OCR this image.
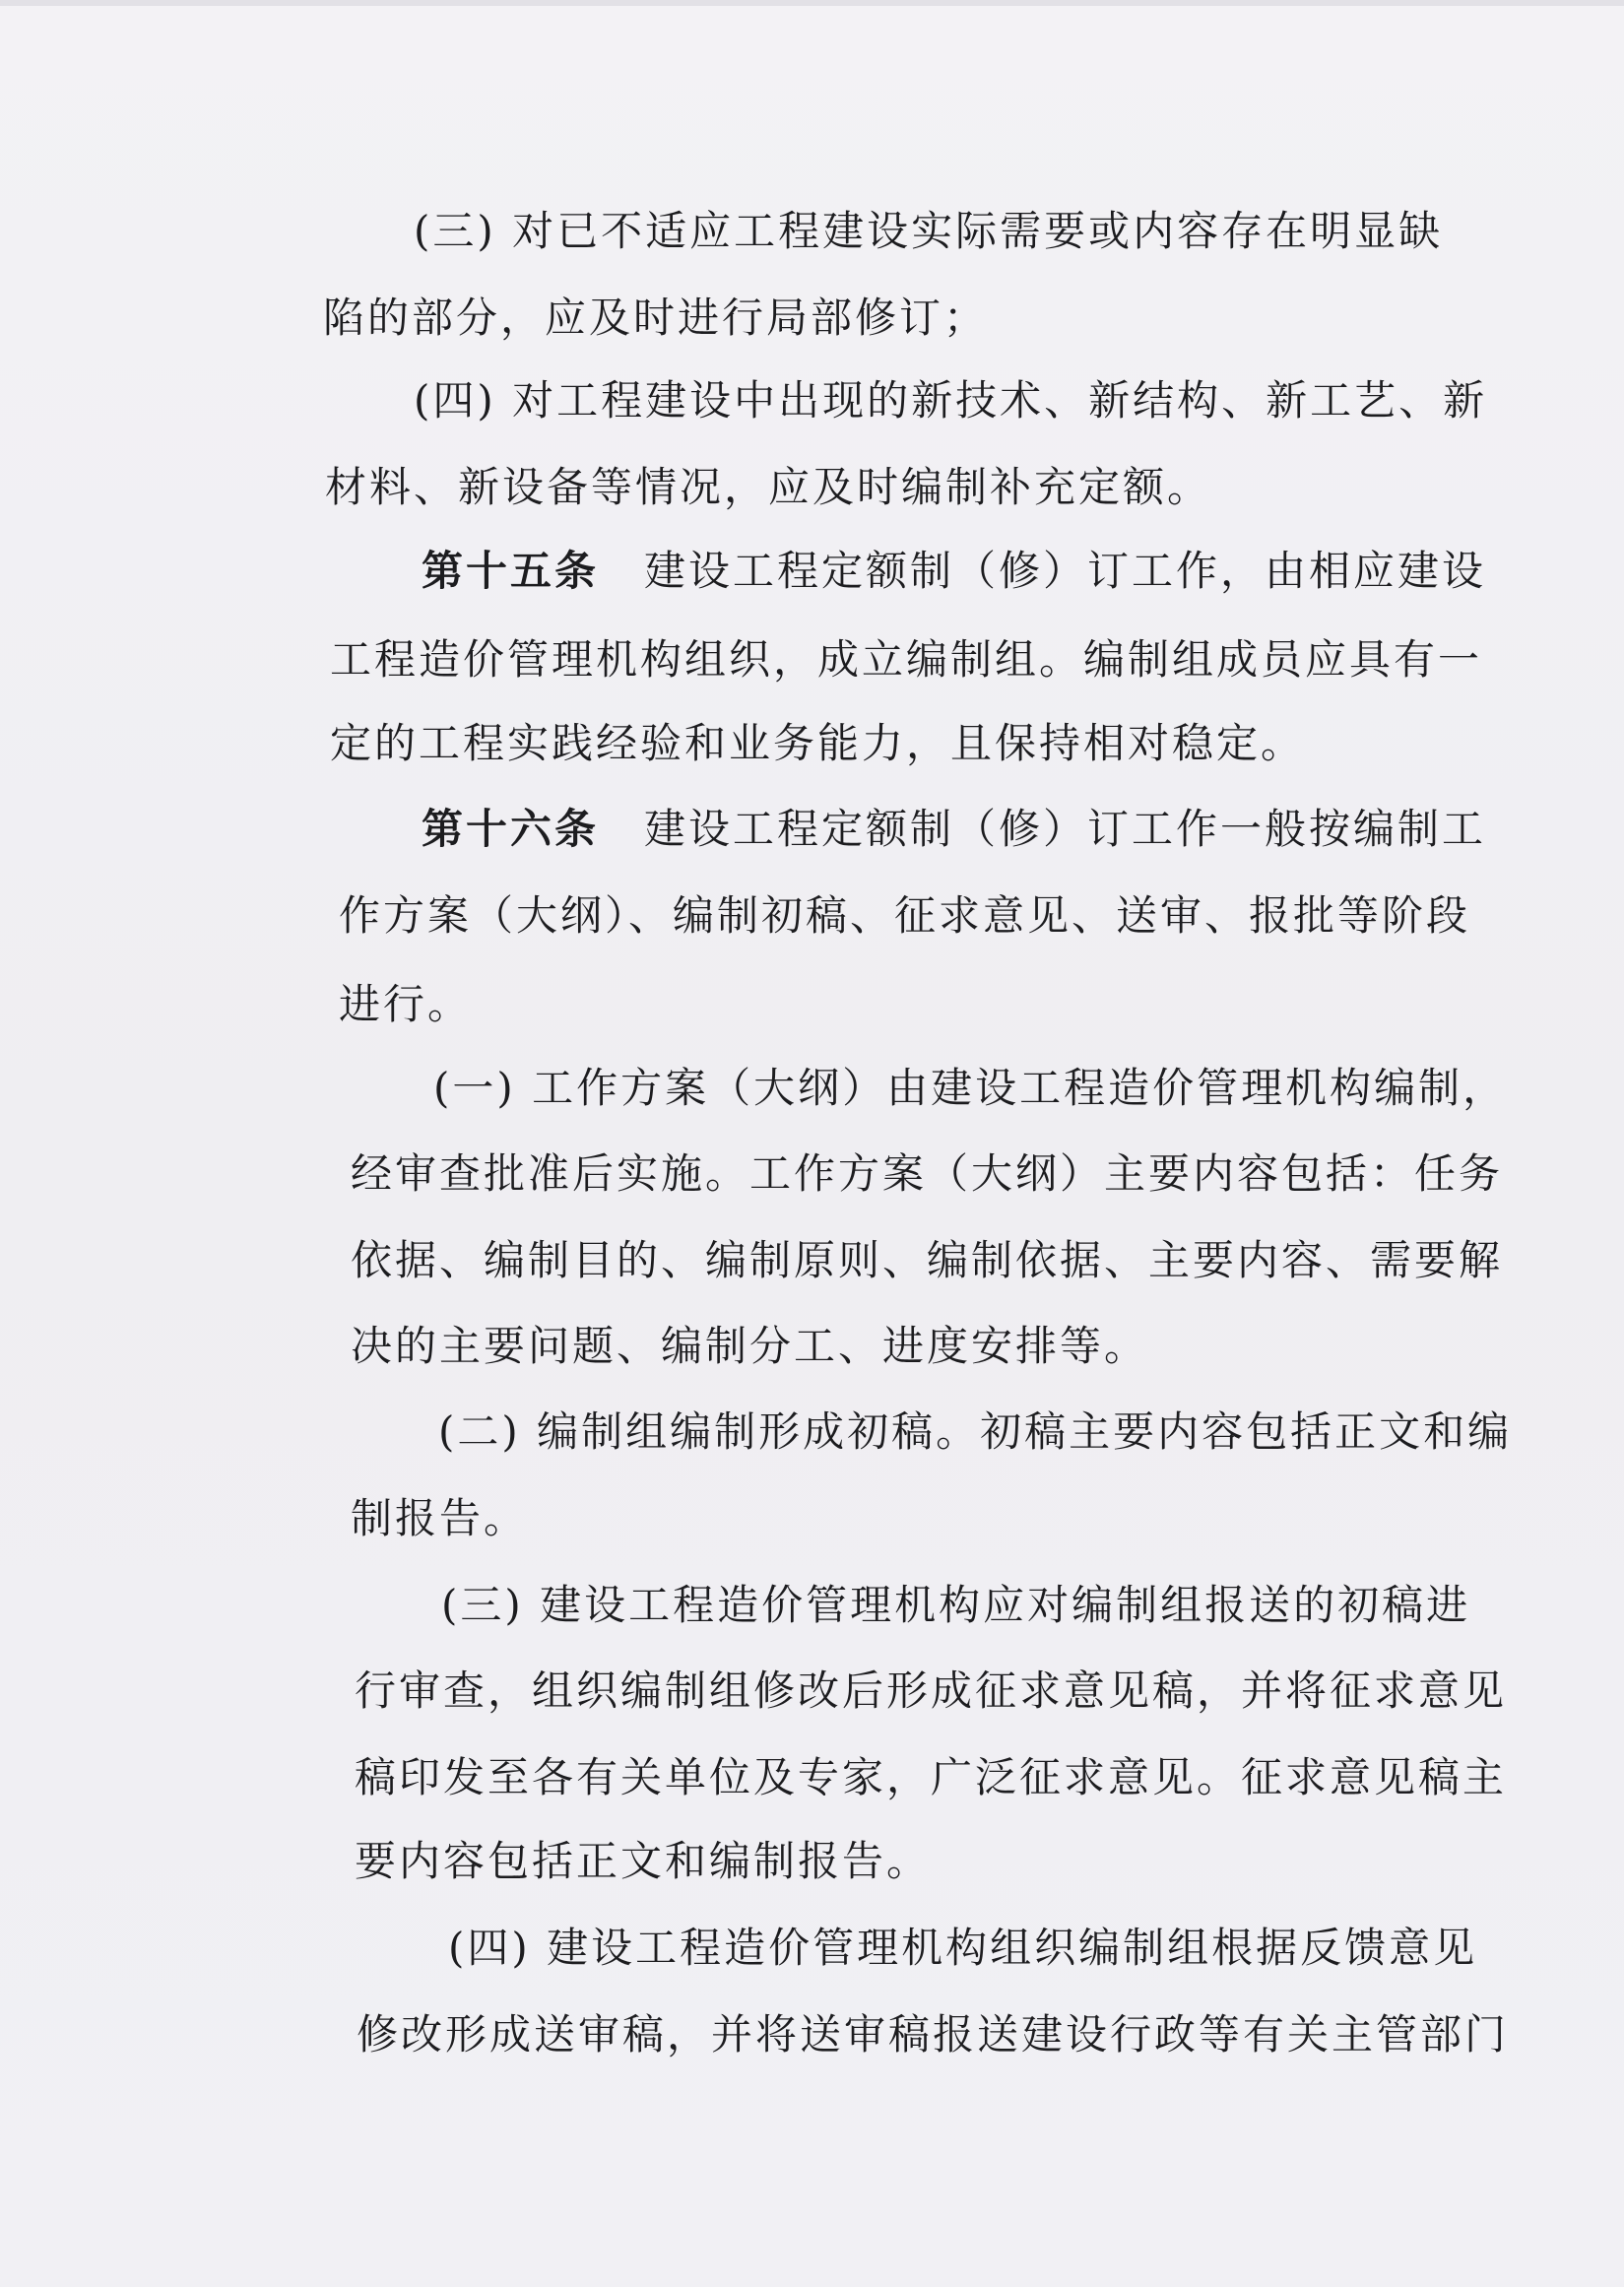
(三) 对已不适应工程建设实际需要或内容存在明显缺
陷的部分，应及时进行局部修订；
(四) 对工程建设中出现的新技术、新结构、新工艺、新
材料、新设备等情况，应及时编制补充定额。
第十五条 建设工程定额制（修）订工作，由相应建设
工程造价管理机构组织，成立编制组。编制组成员应具有一
定的工程实践经验和业务能力，且保持相对稳定。
第十六条 建设工程定额制（修）订工作一般按编制工
作方案（大纲）、编制初稿、征求意见、送审、报批等阶段
进行。
(一) 工作方案（大纲）由建设工程造价管理机构编制，
经审查批准后实施。工作方案（大纲）主要内容包括：任务
依据、编制目的、编制原则、编制依据、主要内容、需要解
决的主要问题、编制分工、进度安排等。
(二) 编制组编制形成初稿。初稿主要内容包括正文和编
制报告。
(三) 建设工程造价管理机构应对编制组报送的初稿进
行审查，组织编制组修改后形成征求意见稿，并将征求意见
稿印发至各有关单位及专家，广泛征求意见。征求意见稿主
要内容包括正文和编制报告。
(四) 建设工程造价管理机构组织编制组根据反馈意见
修改形成送审稿，并将送审稿报送建设行政等有关主管部门
